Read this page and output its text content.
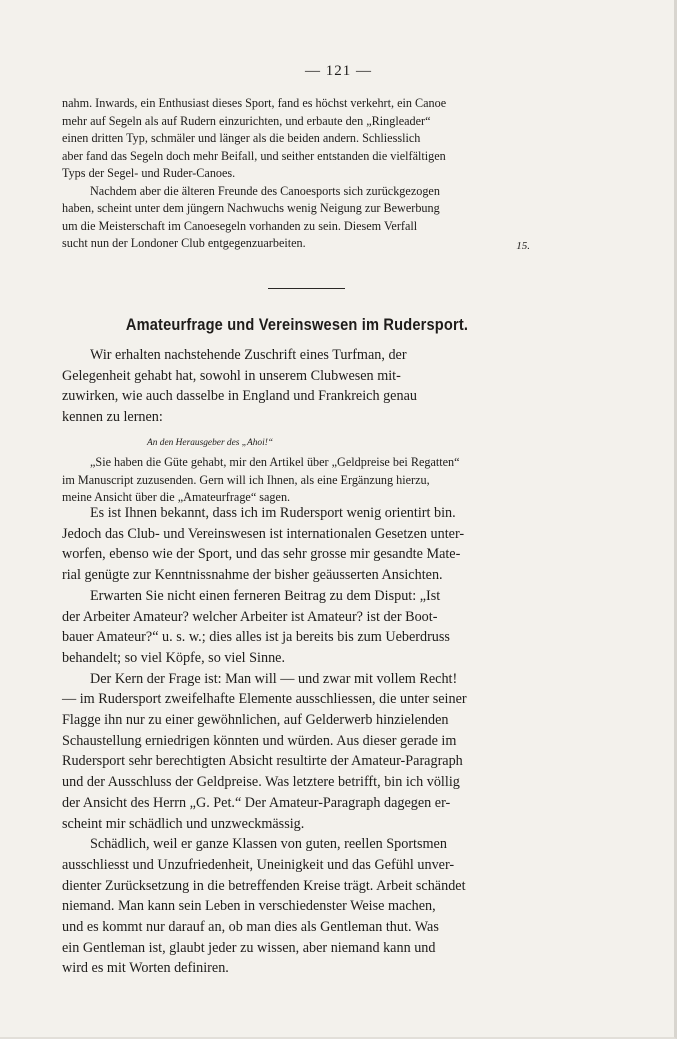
— 121 —

nahm. Inwards, ein Enthusiast dieses Sport, fand es höchst verkehrt, ein Canoe
mehr auf Segeln als auf Rudern einzurichten, und erbaute den „Ringleader“
einen dritten Typ, schmäler und länger als die beiden andern. Schliesslich
aber fand das Segeln doch mehr Beifall, und seither entstanden die vielfältigen
Typs der Segel- und Ruder-Canoes.

Nachdem aber die älteren Freunde des Canoesports sich zurückgezogen
haben, scheint unter dem jüngern Nachwuchs wenig Neigung zur Bewerbung
um die Meisterschaft im Canoesegeln vorhanden zu sein. Diesem Verfall
sucht nun der Londoner Club entgegenzuarbeiten.	15.
Amateurfrage und Vereinswesen im Rudersport.

Wir erhalten nachstehende Zuschrift eines Turfman, der
Gelegenheit gehabt hat, sowohl in unserem Clubwesen mit-
zuwirken, wie auch dasselbe in England und Frankreich genau
kennen zu lernen:

An den Herausgeber des „Ahoi!“

„Sie haben die Güte gehabt, mir den Artikel über „Geldpreise bei Regatten“
im Manuscript zuzusenden. Gern will ich Ihnen, als eine Ergänzung hierzu,
meine Ansicht über die „Amateurfrage“ sagen.

Es ist Ihnen bekannt, dass ich im Rudersport wenig orientirt bin.
Jedoch das Club- und Vereinswesen ist internationalen Gesetzen unter-
worfen, ebenso wie der Sport, und das sehr grosse mir gesandte Mate-
rial genügte zur Kenntnissnahme der bisher geäusserten Ansichten.

Erwarten Sie nicht einen ferneren Beitrag zu dem Disput: „Ist
der Arbeiter Amateur? welcher Arbeiter ist Amateur? ist der Boot-
bauer Amateur?“ u. s. w.; dies alles ist ja bereits bis zum Ueberdruss
behandelt; so viel Köpfe, so viel Sinne.

Der Kern der Frage ist: Man will — und zwar mit vollem Recht!
— im Rudersport zweifelhafte Elemente ausschliessen, die unter seiner
Flagge ihn nur zu einer gewöhnlichen, auf Gelderwerb hinzielenden
Schaustellung erniedrigen könnten und würden. Aus dieser gerade im
Rudersport sehr berechtigten Absicht resultirte der Amateur-Paragraph
und der Ausschluss der Geldpreise. Was letztere betrifft, bin ich völlig
der Ansicht des Herrn „G. Pet.“ Der Amateur-Paragraph dagegen er-
scheint mir schädlich und unzweckmässig.

Schädlich, weil er ganze Klassen von guten, reellen Sportsmen
ausschliesst und Unzufriedenheit, Uneinigkeit und das Gefühl unver-
dienter Zurücksetzung in die betreffenden Kreise trägt. Arbeit schändet
niemand. Man kann sein Leben in verschiedenster Weise machen,
und es kommt nur darauf an, ob man dies als Gentleman thut. Was
ein Gentleman ist, glaubt jeder zu wissen, aber niemand kann und
wird es mit Worten definiren.
